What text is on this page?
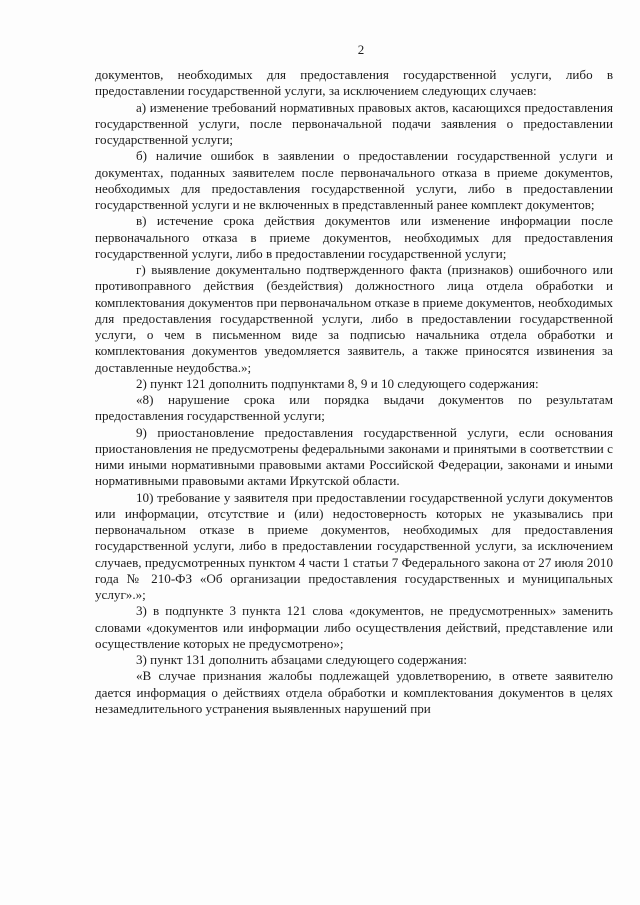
2

документов, необходимых для предоставления государственной услуги, либо в предоставлении государственной услуги, за исключением следующих случаев:

а) изменение требований нормативных правовых актов, касающихся предоставления государственной услуги, после первоначальной подачи заявления о предоставлении государственной услуги;

б) наличие ошибок в заявлении о предоставлении государственной услуги и документах, поданных заявителем после первоначального отказа в приеме документов, необходимых для предоставления государственной услуги, либо в предоставлении государственной услуги и не включенных в представленный ранее комплект документов;

в) истечение срока действия документов или изменение информации после первоначального отказа в приеме документов, необходимых для предоставления государственной услуги, либо в предоставлении государственной услуги;

г) выявление документально подтвержденного факта (признаков) ошибочного или противоправного действия (бездействия) должностного лица отдела обработки и комплектования документов при первоначальном отказе в приеме документов, необходимых для предоставления государственной услуги, либо в предоставлении государственной услуги, о чем в письменном виде за подписью начальника отдела обработки и комплектования документов уведомляется заявитель, а также приносятся извинения за доставленные неудобства.»;

2) пункт 121 дополнить подпунктами 8, 9 и 10 следующего содержания:

«8) нарушение срока или порядка выдачи документов по результатам предоставления государственной услуги;

9) приостановление предоставления государственной услуги, если основания приостановления не предусмотрены федеральными законами и принятыми в соответствии с ними иными нормативными правовыми актами Российской Федерации, законами и иными нормативными правовыми актами Иркутской области.

10) требование у заявителя при предоставлении государственной услуги документов или информации, отсутствие и (или) недостоверность которых не указывались при первоначальном отказе в приеме документов, необходимых для предоставления государственной услуги, либо в предоставлении государственной услуги, за исключением случаев, предусмотренных пунктом 4 части 1 статьи 7 Федерального закона от 27 июля 2010 года № 210-ФЗ «Об организации предоставления государственных и муниципальных услуг».»;

3) в подпункте 3 пункта 121 слова «документов, не предусмотренных» заменить словами «документов или информации либо осуществления действий, представление или осуществление которых не предусмотрено»;

3) пункт 131 дополнить абзацами следующего содержания:

«В случае признания жалобы подлежащей удовлетворению, в ответе заявителю дается информация о действиях отдела обработки и комплектования документов в целях незамедлительного устранения выявленных нарушений при
